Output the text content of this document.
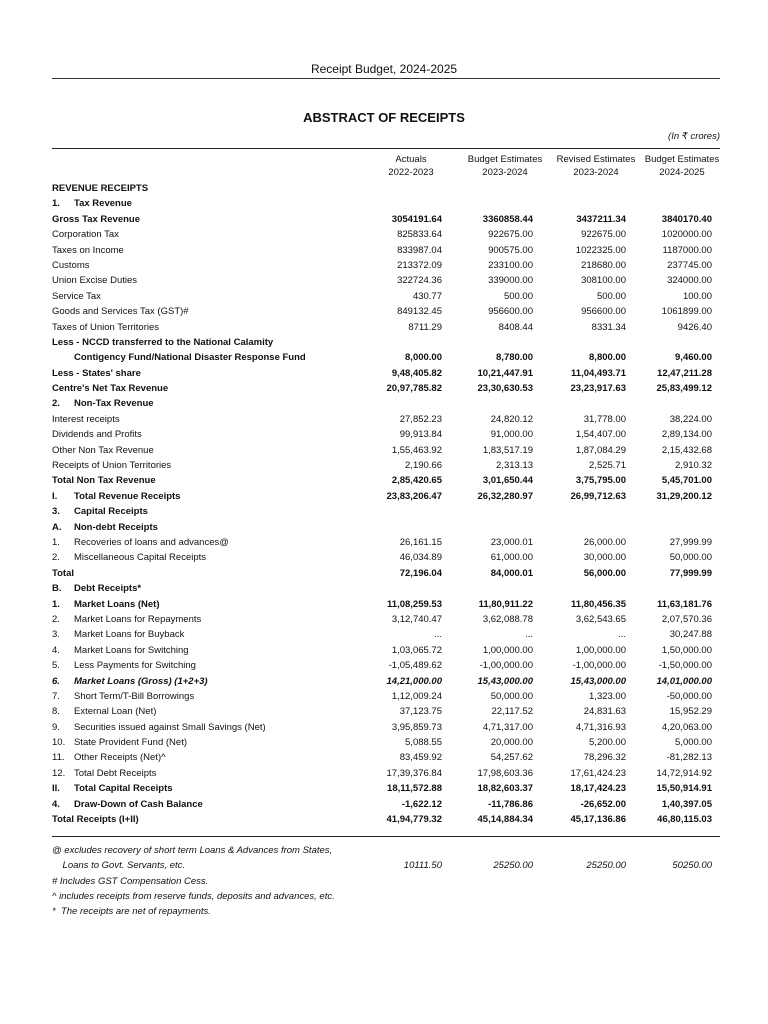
Receipt Budget, 2024-2025
ABSTRACT OF RECEIPTS
(In ₹ crores)
Actuals
2022-2023
Budget Estimates
2023-2024
Revised Estimates
2023-2024
Budget Estimates
2024-2025
REVENUE RECEIPTS
1. Tax Revenue
Gross Tax Revenue	3054191.64	3360858.44	3437211.34	3840170.40
Corporation Tax	825833.64	922675.00	922675.00	1020000.00
Taxes on Income	833987.04	900575.00	1022325.00	1187000.00
Customs	213372.09	233100.00	218680.00	237745.00
Union Excise Duties	322724.36	339000.00	308100.00	324000.00
Service Tax	430.77	500.00	500.00	100.00
Goods and Services Tax (GST)#	849132.45	956600.00	956600.00	1061899.00
Taxes of Union Territories	8711.29	8408.44	8331.34	9426.40
Less - NCCD transferred to the National Calamity
Contigency Fund/National Disaster Response Fund	8,000.00	8,780.00	8,800.00	9,460.00
Less - States' share	9,48,405.82	10,21,447.91	11,04,493.71	12,47,211.28
Centre's Net Tax Revenue	20,97,785.82	23,30,630.53	23,23,917.63	25,83,499.12
2. Non-Tax Revenue
Interest receipts	27,852.23	24,820.12	31,778.00	38,224.00
Dividends and Profits	99,913.84	91,000.00	1,54,407.00	2,89,134.00
Other Non Tax Revenue	1,55,463.92	1,83,517.19	1,87,084.29	2,15,432.68
Receipts of Union Territories	2,190.66	2,313.13	2,525.71	2,910.32
Total Non Tax Revenue	2,85,420.65	3,01,650.44	3,75,795.00	5,45,701.00
I. Total Revenue Receipts	23,83,206.47	26,32,280.97	26,99,712.63	31,29,200.12
3. Capital Receipts
A. Non-debt Receipts
1. Recoveries of loans and advances@	26,161.15	23,000.01	26,000.00	27,999.99
2. Miscellaneous Capital Receipts	46,034.89	61,000.00	30,000.00	50,000.00
Total	72,196.04	84,000.01	56,000.00	77,999.99
B. Debt Receipts*
1. Market Loans (Net)	11,08,259.53	11,80,911.22	11,80,456.35	11,63,181.76
2. Market Loans for Repayments	3,12,740.47	3,62,088.78	3,62,543.65	2,07,570.36
3. Market Loans for Buyback	...	...	...	30,247.88
4. Market Loans for Switching	1,03,065.72	1,00,000.00	1,00,000.00	1,50,000.00
5. Less Payments for Switching	-1,05,489.62	-1,00,000.00	-1,00,000.00	-1,50,000.00
6. Market Loans (Gross) (1+2+3)	14,21,000.00	15,43,000.00	15,43,000.00	14,01,000.00
7. Short Term/T-Bill Borrowings	1,12,009.24	50,000.00	1,323.00	-50,000.00
8. External Loan (Net)	37,123.75	22,117.52	24,831.63	15,952.29
9. Securities issued against Small Savings (Net)	3,95,859.73	4,71,317.00	4,71,316.93	4,20,063.00
10. State Provident Fund (Net)	5,088.55	20,000.00	5,200.00	5,000.00
11. Other Receipts (Net)^	83,459.92	54,257.62	78,296.32	-81,282.13
12. Total Debt Receipts	17,39,376.84	17,98,603.36	17,61,424.23	14,72,914.92
II. Total Capital Receipts	18,11,572.88	18,82,603.37	18,17,424.23	15,50,914.91
4. Draw-Down of Cash Balance	-1,622.12	-11,786.86	-26,652.00	1,40,397.05
Total Receipts (I+II)	41,94,779.32	45,14,884.34	45,17,136.86	46,80,115.03
@ excludes recovery of short term Loans & Advances from States,
Loans to Govt. Servants, etc.	10111.50	25250.00	25250.00	50250.00
# Includes GST Compensation Cess.
^ includes receipts from reserve funds, deposits and advances, etc.
*  The receipts are net of repayments.
